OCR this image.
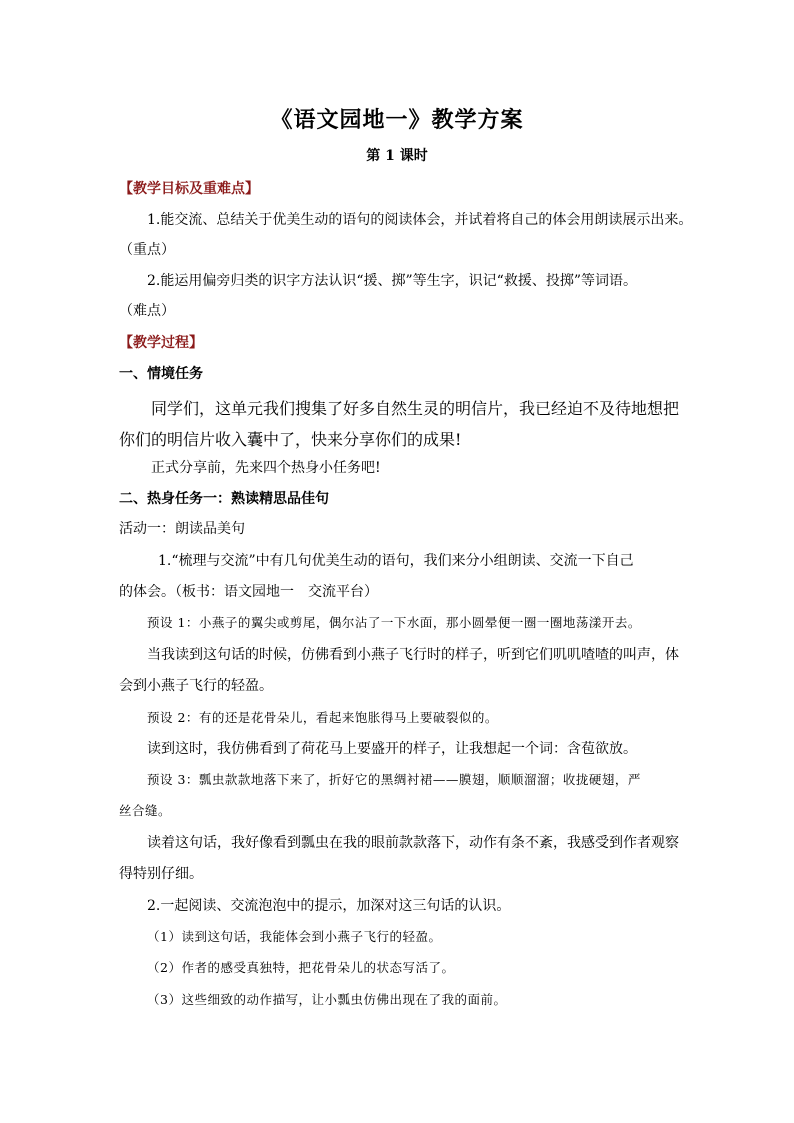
《语文园地一》教学方案
第 1 课时
【教学目标及重难点】
1.能交流、总结关于优美生动的语句的阅读体会，并试着将自己的体会用朗读展示出来。
（重点）
2.能运用偏旁归类的识字方法认识“援、掷”等生字，识记“救援、投掷”等词语。
（难点）
【教学过程】
一、情境任务
同学们，这单元我们搜集了好多自然生灵的明信片，我已经迫不及待地想把
你们的明信片收入囊中了，快来分享你们的成果!
正式分享前，先来四个热身小任务吧!
二、热身任务一：熟读精思品佳句
活动一：朗读品美句
1.“梳理与交流”中有几句优美生动的语句，我们来分小组朗读、交流一下自己
的体会。（板书：语文园地一　交流平台）
预设 1：小燕子的翼尖或剪尾，偶尔沾了一下水面，那小圆晕便一圈一圈地荡漾开去。
当我读到这句话的时候，仿佛看到小燕子飞行时的样子，听到它们叽叽喳喳的叫声，体
会到小燕子飞行的轻盈。
预设 2：有的还是花骨朵儿，看起来饱胀得马上要破裂似的。
读到这时，我仿佛看到了荷花马上要盛开的样子，让我想起一个词：含苞欲放。
预设 3：瓢虫款款地落下来了，折好它的黑绸衬裙——膜翅，顺顺溜溜；收拢硬翅，严
丝合缝。
读着这句话，我好像看到瓢虫在我的眼前款款落下，动作有条不紊，我感受到作者观察
得特别仔细。
2.一起阅读、交流泡泡中的提示，加深对这三句话的认识。
（1）读到这句话，我能体会到小燕子飞行的轻盈。
（2）作者的感受真独特，把花骨朵儿的状态写活了。
（3）这些细致的动作描写，让小瓢虫仿佛出现在了我的面前。
